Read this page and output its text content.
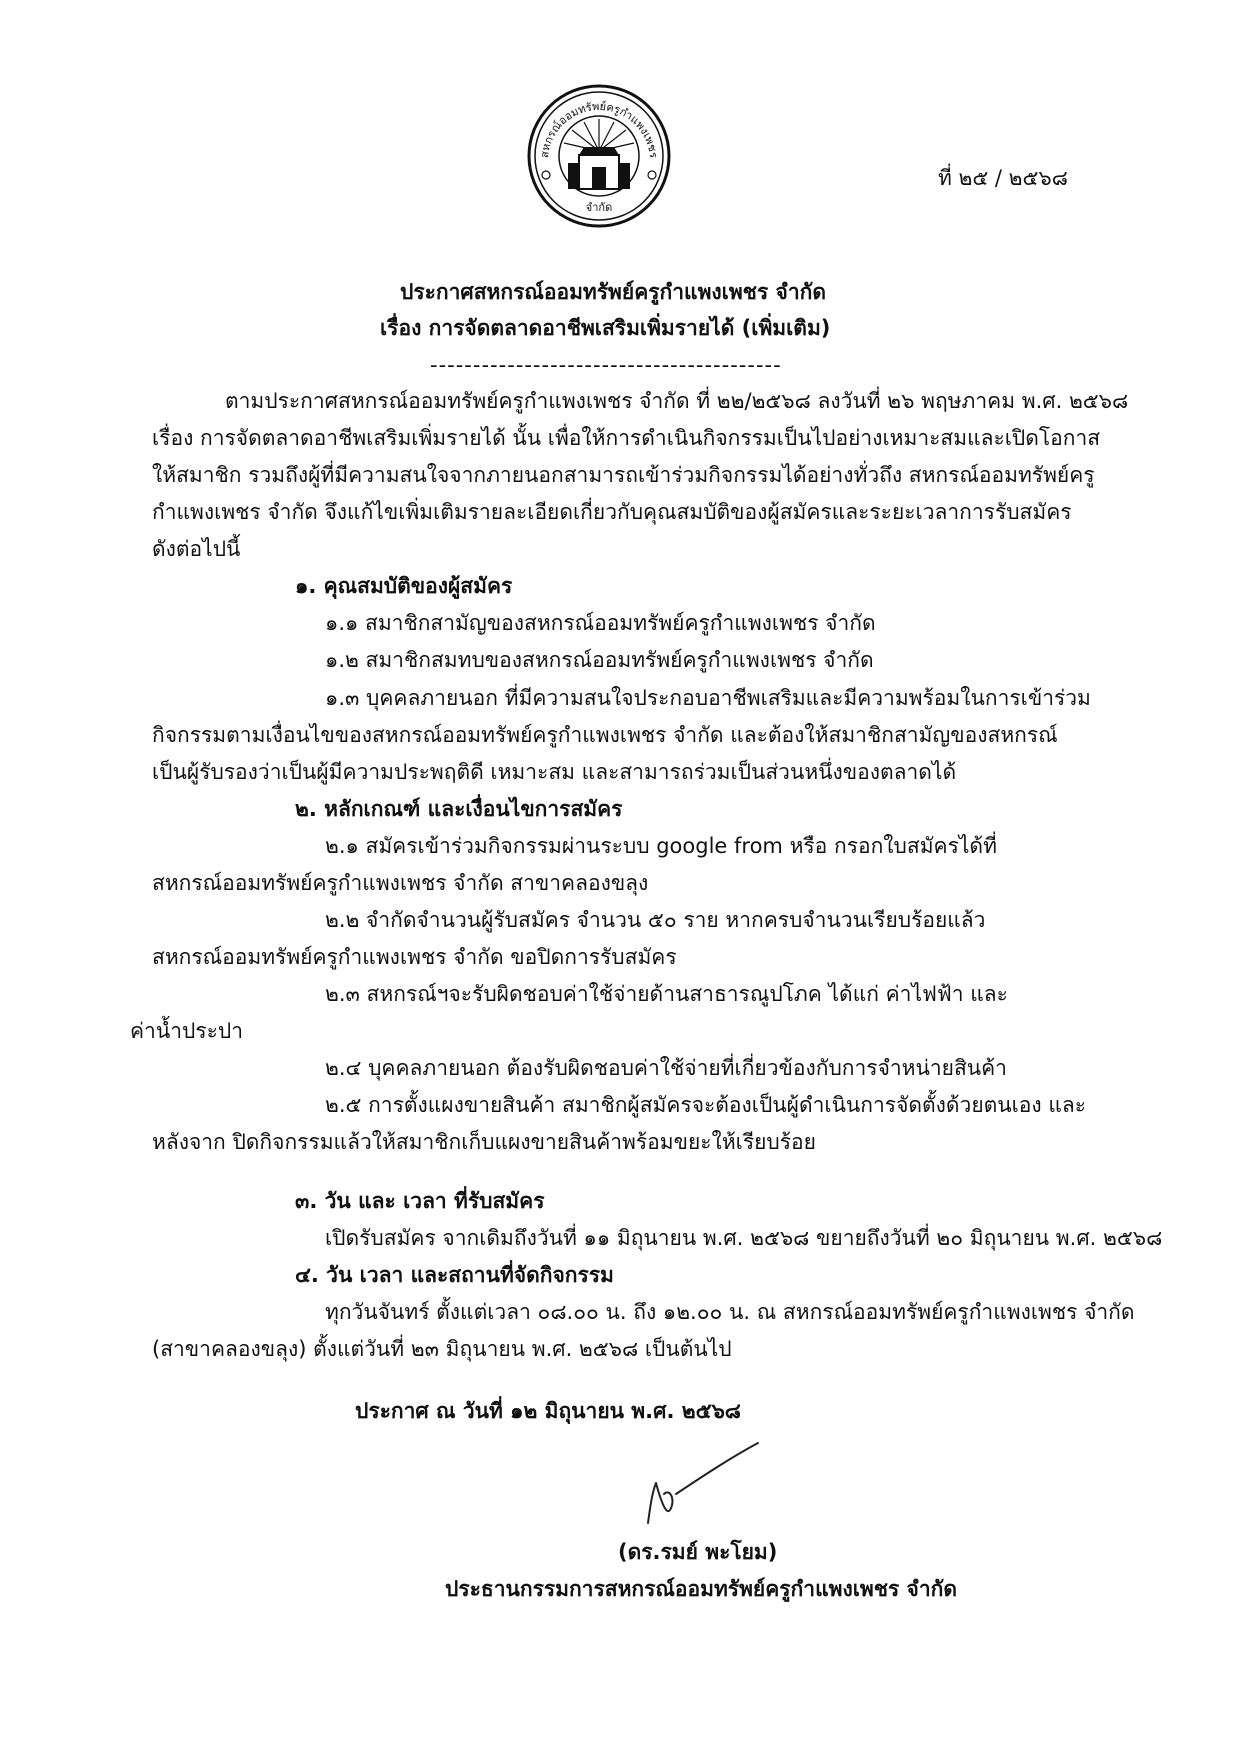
สหกรณ์ออมทรัพย์ครูกำแพงเพชร
จำกัด
ที่ ๒๕ / ๒๕๖๘
ประกาศสหกรณ์ออมทรัพย์ครูกำแพงเพชร จำกัด
เรื่อง การจัดตลาดอาชีพเสริมเพิ่มรายได้ (เพิ่มเติม)
-----------------------------------------
ตามประกาศสหกรณ์ออมทรัพย์ครูกำแพงเพชร จำกัด ที่ ๒๒/๒๕๖๘ ลงวันที่ ๒๖ พฤษภาคม พ.ศ. ๒๕๖๘
เรื่อง การจัดตลาดอาชีพเสริมเพิ่มรายได้ นั้น เพื่อให้การดำเนินกิจกรรมเป็นไปอย่างเหมาะสมและเปิดโอกาส
ให้สมาชิก รวมถึงผู้ที่มีความสนใจจากภายนอกสามารถเข้าร่วมกิจกรรมได้อย่างทั่วถึง สหกรณ์ออมทรัพย์ครู
กำแพงเพชร จำกัด จึงแก้ไขเพิ่มเติมรายละเอียดเกี่ยวกับคุณสมบัติของผู้สมัครและระยะเวลาการรับสมัคร
ดังต่อไปนี้
๑. คุณสมบัติของผู้สมัคร
๑.๑ สมาชิกสามัญของสหกรณ์ออมทรัพย์ครูกำแพงเพชร จำกัด
๑.๒ สมาชิกสมทบของสหกรณ์ออมทรัพย์ครูกำแพงเพชร จำกัด
๑.๓ บุคคลภายนอก ที่มีความสนใจประกอบอาชีพเสริมและมีความพร้อมในการเข้าร่วม
กิจกรรมตามเงื่อนไขของสหกรณ์ออมทรัพย์ครูกำแพงเพชร จำกัด และต้องให้สมาชิกสามัญของสหกรณ์
เป็นผู้รับรองว่าเป็นผู้มีความประพฤติดี เหมาะสม และสามารถร่วมเป็นส่วนหนึ่งของตลาดได้
๒. หลักเกณฑ์ และเงื่อนไขการสมัคร
๒.๑ สมัครเข้าร่วมกิจกรรมผ่านระบบ google from หรือ กรอกใบสมัครได้ที่
สหกรณ์ออมทรัพย์ครูกำแพงเพชร จำกัด สาขาคลองขลุง
๒.๒ จำกัดจำนวนผู้รับสมัคร จำนวน ๕๐ ราย หากครบจำนวนเรียบร้อยแล้ว
สหกรณ์ออมทรัพย์ครูกำแพงเพชร จำกัด ขอปิดการรับสมัคร
๒.๓ สหกรณ์ฯจะรับผิดชอบค่าใช้จ่ายด้านสาธารณูปโภค ได้แก่ ค่าไฟฟ้า และ
ค่าน้ำประปา
๒.๔ บุคคลภายนอก ต้องรับผิดชอบค่าใช้จ่ายที่เกี่ยวข้องกับการจำหน่ายสินค้า
๒.๕ การตั้งแผงขายสินค้า สมาชิกผู้สมัครจะต้องเป็นผู้ดำเนินการจัดตั้งด้วยตนเอง และ
หลังจาก ปิดกิจกรรมแล้วให้สมาชิกเก็บแผงขายสินค้าพร้อมขยะให้เรียบร้อย
๓. วัน และ เวลา ที่รับสมัคร
เปิดรับสมัคร จากเดิมถึงวันที่ ๑๑ มิถุนายน พ.ศ. ๒๕๖๘ ขยายถึงวันที่ ๒๐ มิถุนายน พ.ศ. ๒๕๖๘
๔. วัน เวลา และสถานที่จัดกิจกรรม
ทุกวันจันทร์ ตั้งแต่เวลา ๐๘.๐๐ น. ถึง ๑๒.๐๐ น. ณ สหกรณ์ออมทรัพย์ครูกำแพงเพชร จำกัด
(สาขาคลองขลุง) ตั้งแต่วันที่ ๒๓ มิถุนายน พ.ศ. ๒๕๖๘ เป็นต้นไป
ประกาศ ณ วันที่ ๑๒ มิถุนายน พ.ศ. ๒๕๖๘
(ดร.รมย์ พะโยม)
ประธานกรรมการสหกรณ์ออมทรัพย์ครูกำแพงเพชร จำกัด
